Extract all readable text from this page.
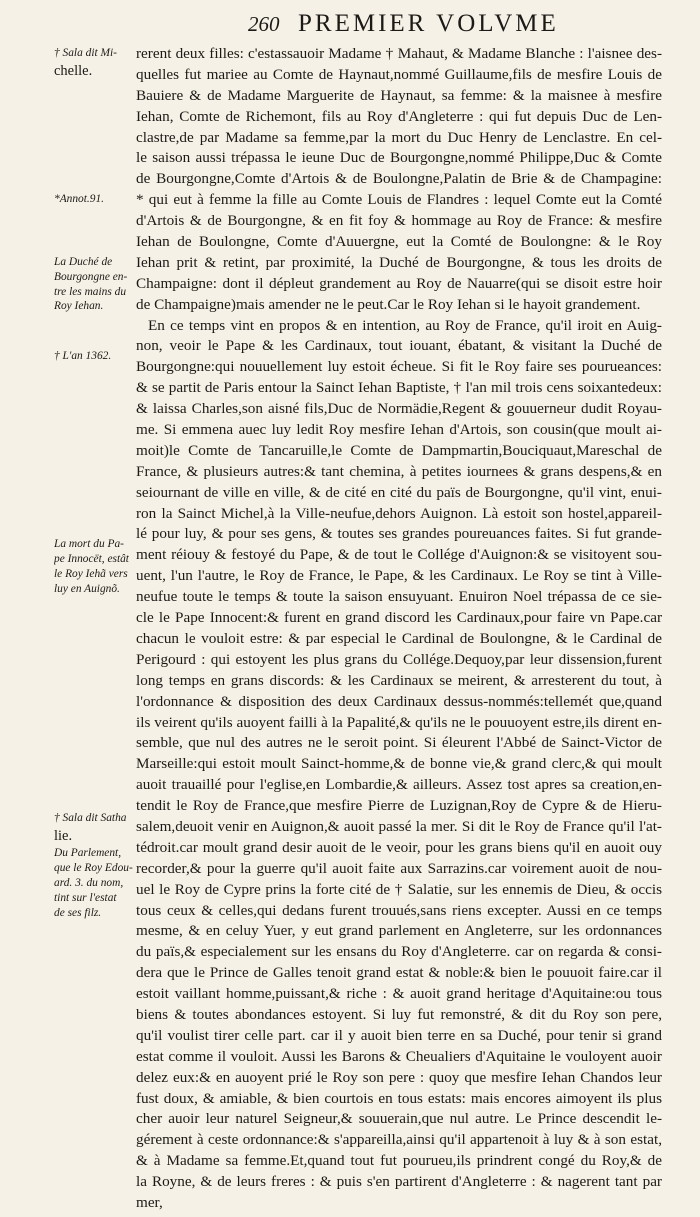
260 PREMIER VOLVME
rerent deux filles: c'estassauoir Madame † Mahaut, & Madame Blanche : l'aisnee des-
quelles fut mariee au Comte de Haynaut,nommé Guillaume,fils de mesfire Louis de
Bauiere & de Madame Marguerite de Haynaut, sa femme: & la maisnee à mesfire
Iehan, Comte de Richemont, fils au Roy d'Angleterre : qui fut depuis Duc de Len-
clastre,de par Madame sa femme,par la mort du Duc Henry de Lenclastre. En cel-
le saison aussi trépassa le ieune Duc de Bourgongne,nommé Philippe,Duc & Comte
de Bourgongne,Comte d'Artois & de Boulongne,Palatin de Brie & de Champagine:
* qui eut à femme la fille au Comte Louis de Flandres : lequel Comte eut la Comté
d'Artois & de Bourgongne, & en fit foy & hommage au Roy de France: & mesfire
Iehan de Boulongne, Comte d'Auuergne, eut la Comté de Boulongne: & le Roy
Iehan prit & retint, par proximité, la Duché de Bourgongne, & tous les droits de
Champaigne: dont il dépleut grandement au Roy de Nauarre(qui se disoit estre hoir
de Champaigne)mais amender ne le peut.Car le Roy Iehan si le hayoit grandement.
En ce temps vint en propos & en intention, au Roy de France, qu'il iroit en Auig-
non, veoir le Pape & les Cardinaux, tout iouant, ébatant, & visitant la Duché de
Bourgongne:qui nouuellement luy estoit écheue. Si fit le Roy faire ses pourueances:
& se partit de Paris entour la Sainct Iehan Baptiste, † l'an mil trois cens soixantedeux:
& laissa Charles,son aisné fils,Duc de Normädie,Regent & gouuerneur dudit Royau-
me. Si emmena auec luy ledit Roy mesfire Iehan d'Artois, son cousin(que moult ai-
moit)le Comte de Tancaruille,le Comte de Dampmartin,Bouciquaut,Mareschal de
France, & plusieurs autres:& tant chemina, à petites iournees & grans despens,& en
seiournant de ville en ville, & de cité en cité du païs de Bourgongne, qu'il vint, enui-
ron la Sainct Michel,à la Ville-neufue,dehors Auignon. Là estoit son hostel,appareil-
lé pour luy, & pour ses gens, & toutes ses grandes poureuances faites. Si fut grande-
ment réiouy & festoyé du Pape, & de tout le Collége d'Auignon:& se visitoyent sou-
uent, l'un l'autre, le Roy de France, le Pape, & les Cardinaux. Le Roy se tint à Ville-
neufue toute le temps & toute la saison ensuyuant. Enuiron Noel trépassa de ce sie-
cle le Pape Innocent:& furent en grand discord les Cardinaux,pour faire vn Pape.car
chacun le vouloit estre: & par especial le Cardinal de Boulongne, & le Cardinal de
Perigourd : qui estoyent les plus grans du Collége.Dequoy,par leur dissension,furent
long temps en grans discords: & les Cardinaux se meirent, & arresterent du tout, à
l'ordonnance & disposition des deux Cardinaux dessus-nommés:tellemét que,quand
ils veirent qu'ils auoyent failli à la Papalité,& qu'ils ne le pouuoyent estre,ils dirent en-
semble, que nul des autres ne le seroit point. Si éleurent l'Abbé de Sainct-Victor de
Marseille:qui estoit moult Sainct-homme,& de bonne vie,& grand clerc,& qui moult
auoit trauaillé pour l'eglise,en Lombardie,& ailleurs. Assez tost apres sa creation,en-
tendit le Roy de France,que mesfire Pierre de Luzignan,Roy de Cypre & de Hieru-
salem,deuoit venir en Auignon,& auoit passé la mer. Si dit le Roy de France qu'il l'at-
tédroit.car moult grand desir auoit de le veoir, pour les grans biens qu'il en auoit ouy
recorder,& pour la guerre qu'il auoit faite aux Sarrazins.car voirement auoit de nou-
uel le Roy de Cypre prins la forte cité de † Salatie, sur les ennemis de Dieu, & occis
tous ceux & celles,qui dedans furent trouués,sans riens excepter. Aussi en ce temps
mesme, & en celuy Yuer, y eut grand parlement en Angleterre, sur les ordonnances
du païs,& especialement sur les ensans du Roy d'Angleterre. car on regarda & consi-
dera que le Prince de Galles tenoit grand estat & noble:& bien le pouuoit faire.car il
estoit vaillant homme,puissant,& riche : & auoit grand heritage d'Aquitaine:ou tous
biens & toutes abondances estoyent. Si luy fut remonstré, & dit du Roy son pere,
qu'il voulist tirer celle part. car il y auoit bien terre en sa Duché, pour tenir si grand
estat comme il vouloit. Aussi les Barons & Cheualiers d'Aquitaine le vouloyent auoir
delez eux:& en auoyent prié le Roy son pere : quoy que mesfire Iehan Chandos leur
fust doux, & amiable, & bien courtois en tous estats: mais encores aimoyent ils plus
cher auoir leur naturel Seigneur,& souuerain,que nul autre. Le Prince descendit le-
gérement à ceste ordonnance:& s'appareilla,ainsi qu'il appartenoit à luy & à son estat,
& à Madame sa femme.Et,quand tout fut pourueu,ils prindrent congé du Roy,& de
la Royne, & de leurs freres : & puis s'en partirent d'Angleterre : & nagerent tant par
mer,
† Sala dit Mi-
chelle.
*Annot.91.
La Duché de
Bourgongne en-
tre les mains du
Roy Iehan.
† L'an 1362.
La mort du Pa-
pe Innocët, estât
le Roy Iehã vers
luy en Auignõ.
† Sala dit Satha
lie.
Du Parlement,
que le Roy Edou-
ard. 3. du nom,
tint sur l'estat
de ses filz.
